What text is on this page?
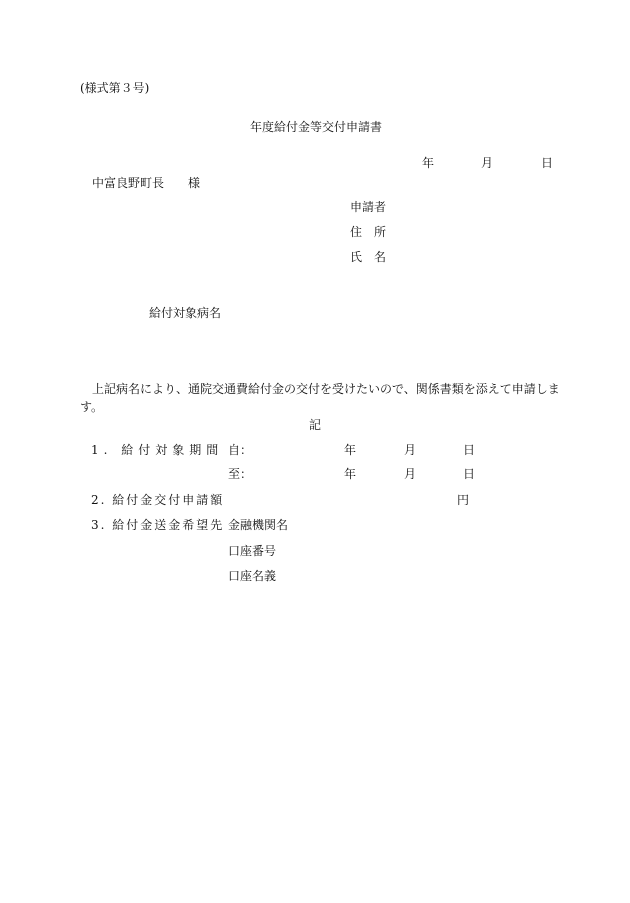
(様式第３号)
年度給付金等交付申請書
年	月	日
中富良野町長　　様
申請者
住　所
氏　名
給付対象病名
上記病名により、通院交通費給付金の交付を受けたいので、関係書類を添えて申請します。
記
1. 給付対象期間 自：	年	月	日
至：	年	月	日
2. 給付金交付申請額	円
3. 給付金送金希望先 金融機関名
口座番号
口座名義
